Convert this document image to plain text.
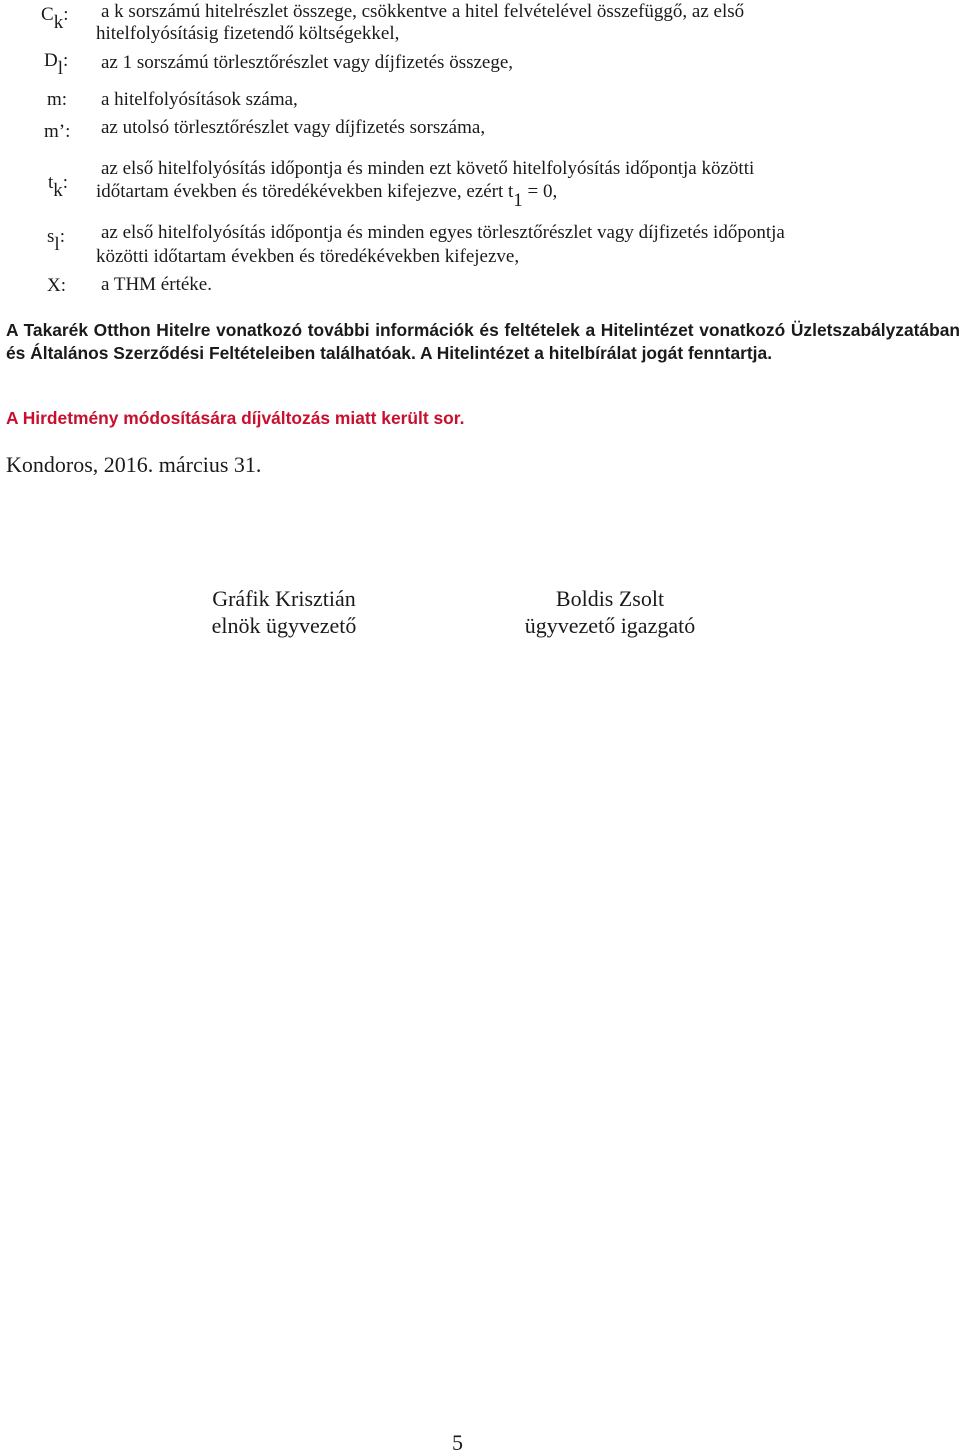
Ck: a k sorszámú hitelrészlet összege, csökkentve a hitel felvételével összefüggő, az első
hitelfolyósításig fizetendő költségekkel,
Dl: az 1 sorszámú törlesztőrészlet vagy díjfizetés összege,
m: a hitelfolyósítások száma,
m’: az utolsó törlesztőrészlet vagy díjfizetés sorszáma,
tk:
az első hitelfolyósítás időpontja és minden ezt követő hitelfolyósítás időpontja közötti
időtartam években és töredékévekben kifejezve, ezért t1 = 0,
sl: az első hitelfolyósítás időpontja és minden egyes törlesztőrészlet vagy díjfizetés időpontja
közötti időtartam években és töredékévekben kifejezve,
X: a THM értéke.
A Takarék Otthon Hitelre vonatkozó további információk és feltételek a Hitelintézet vonatkozó Üzletszabályzatában és Általános Szerződési Feltételeiben találhatóak. A Hitelintézet a hitelbírálat jogát fenntartja.
A Hirdetmény módosítására díjváltozás miatt került sor.
Kondoros, 2016. március 31.
Gráfik Krisztián
elnök ügyvezető
Boldis Zsolt
ügyvezető igazgató
5
